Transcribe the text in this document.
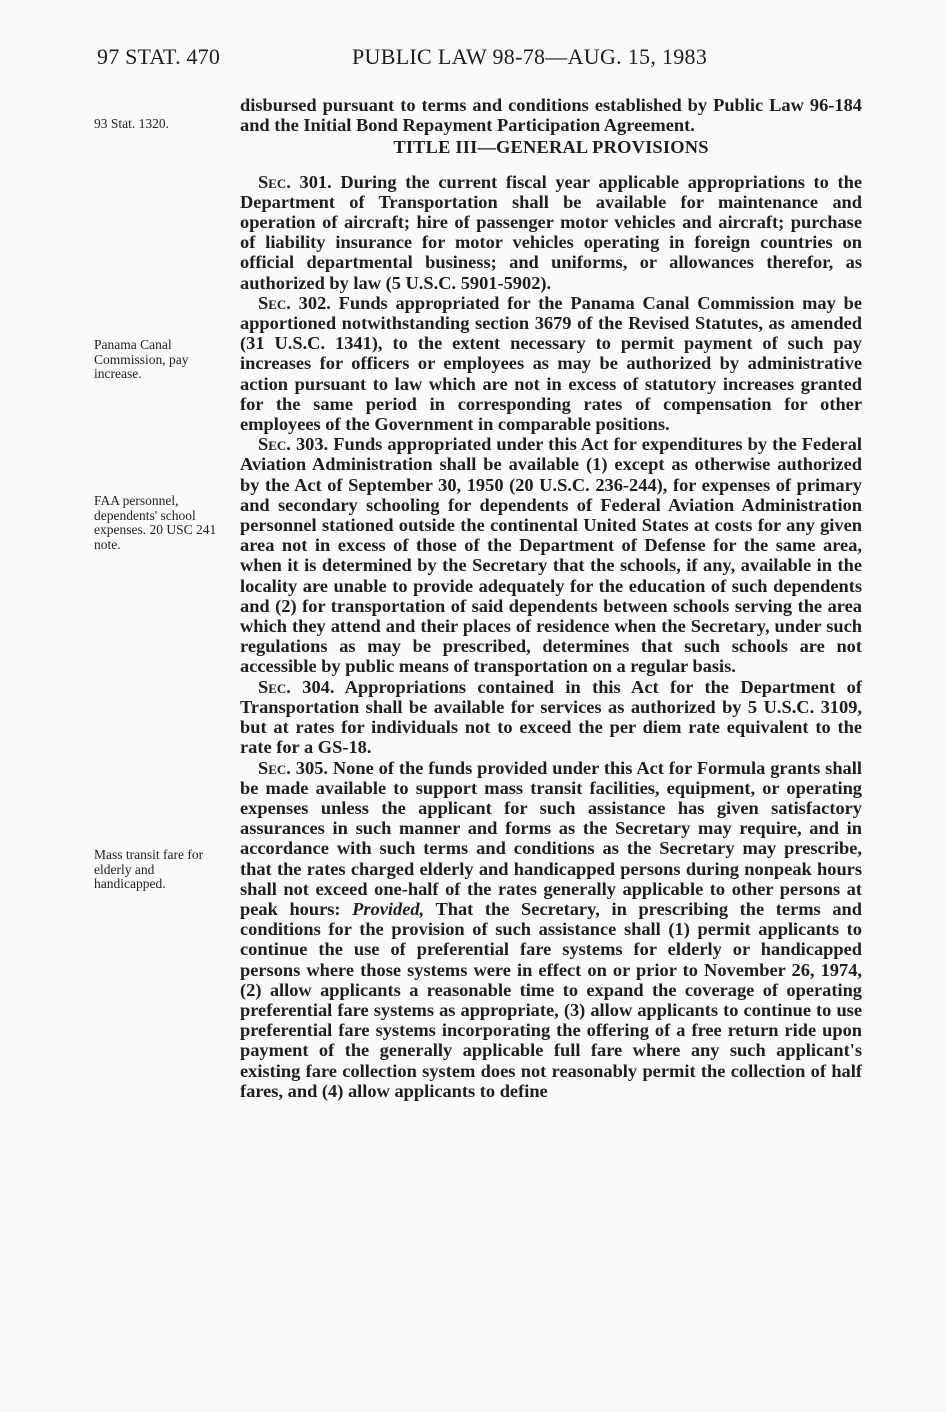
97 STAT. 470	PUBLIC LAW 98-78—AUG. 15, 1983
93 Stat. 1320.
Panama Canal Commission, pay increase.
FAA personnel, dependents' school expenses. 20 USC 241 note.
Mass transit fare for elderly and handicapped.

disbursed pursuant to terms and conditions established by Public Law 96-184 and the Initial Bond Repayment Participation Agreement.

TITLE III—GENERAL PROVISIONS

Sec. 301. During the current fiscal year applicable appropriations to the Department of Transportation shall be available for maintenance and operation of aircraft; hire of passenger motor vehicles and aircraft; purchase of liability insurance for motor vehicles operating in foreign countries on official departmental business; and uniforms, or allowances therefor, as authorized by law (5 U.S.C. 5901-5902).

Sec. 302. Funds appropriated for the Panama Canal Commission may be apportioned notwithstanding section 3679 of the Revised Statutes, as amended (31 U.S.C. 1341), to the extent necessary to permit payment of such pay increases for officers or employees as may be authorized by administrative action pursuant to law which are not in excess of statutory increases granted for the same period in corresponding rates of compensation for other employees of the Government in comparable positions.

Sec. 303. Funds appropriated under this Act for expenditures by the Federal Aviation Administration shall be available (1) except as otherwise authorized by the Act of September 30, 1950 (20 U.S.C. 236-244), for expenses of primary and secondary schooling for dependents of Federal Aviation Administration personnel stationed outside the continental United States at costs for any given area not in excess of those of the Department of Defense for the same area, when it is determined by the Secretary that the schools, if any, available in the locality are unable to provide adequately for the education of such dependents and (2) for transportation of said dependents between schools serving the area which they attend and their places of residence when the Secretary, under such regulations as may be prescribed, determines that such schools are not accessible by public means of transportation on a regular basis.

Sec. 304. Appropriations contained in this Act for the Department of Transportation shall be available for services as authorized by 5 U.S.C. 3109, but at rates for individuals not to exceed the per diem rate equivalent to the rate for a GS-18.

Sec. 305. None of the funds provided under this Act for Formula grants shall be made available to support mass transit facilities, equipment, or operating expenses unless the applicant for such assistance has given satisfactory assurances in such manner and forms as the Secretary may require, and in accordance with such terms and conditions as the Secretary may prescribe, that the rates charged elderly and handicapped persons during nonpeak hours shall not exceed one-half of the rates generally applicable to other persons at peak hours: Provided, That the Secretary, in prescribing the terms and conditions for the provision of such assistance shall (1) permit applicants to continue the use of preferential fare systems for elderly or handicapped persons where those systems were in effect on or prior to November 26, 1974, (2) allow applicants a reasonable time to expand the coverage of operating preferential fare systems as appropriate, (3) allow applicants to continue to use preferential fare systems incorporating the offering of a free return ride upon payment of the generally applicable full fare where any such applicant's existing fare collection system does not reasonably permit the collection of half fares, and (4) allow applicants to define
